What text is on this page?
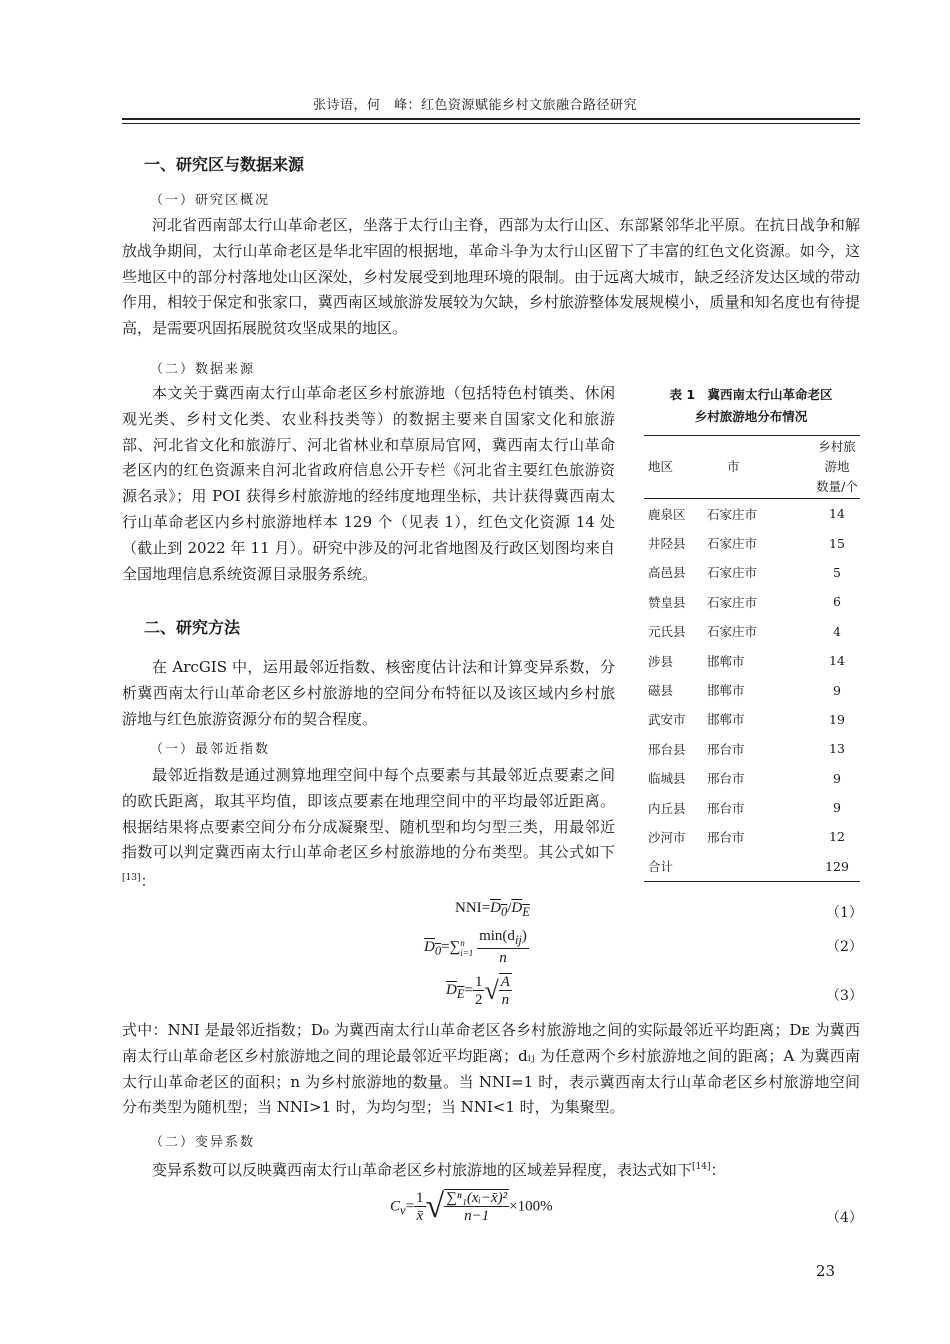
张诗语，何　峰：红色资源赋能乡村文旅融合路径研究
一、研究区与数据来源
（一）研究区概况
河北省西南部太行山革命老区，坐落于太行山主脊，西部为太行山区、东部紧邻华北平原。在抗日战争和解放战争期间，太行山革命老区是华北牢固的根据地，革命斗争为太行山区留下了丰富的红色文化资源。如今，这些地区中的部分村落地处山区深处，乡村发展受到地理环境的限制。由于远离大城市，缺乏经济发达区域的带动作用，相较于保定和张家口，冀西南区域旅游发展较为欠缺，乡村旅游整体发展规模小，质量和知名度也有待提高，是需要巩固拓展脱贫攻坚成果的地区。
（二）数据来源
本文关于冀西南太行山革命老区乡村旅游地（包括特色村镇类、休闲观光类、乡村文化类、农业科技类等）的数据主要来自国家文化和旅游部、河北省文化和旅游厅、河北省林业和草原局官网，冀西南太行山革命老区内的红色资源来自河北省政府信息公开专栏《河北省主要红色旅游资源名录》；用 POI 获得乡村旅游地的经纬度地理坐标，共计获得冀西南太行山革命老区内乡村旅游地样本 129 个（见表 1），红色文化资源 14 处（截止到 2022 年 11 月）。研究中涉及的河北省地图及行政区划图均来自全国地理信息系统资源目录服务系统。
表 1　冀西南太行山革命老区
乡村旅游地分布情况
地区	市	乡村旅游地
数量/个

鹿泉区	石家庄市	14
井陉县	石家庄市	15
高邑县	石家庄市	5
赞皇县	石家庄市	6
元氏县	石家庄市	4
涉县	邯郸市	14
磁县	邯郸市	9
武安市	邯郸市	19
邢台县	邢台市	13
临城县	邢台市	9
内丘县	邢台市	9
沙河市	邢台市	12
合计		129
二、研究方法
在 ArcGIS 中，运用最邻近指数、核密度估计法和计算变异系数，分析冀西南太行山革命老区乡村旅游地的空间分布特征以及该区域内乡村旅游地与红色旅游资源分布的契合程度。
（一）最邻近指数
最邻近指数是通过测算地理空间中每个点要素与其最邻近点要素之间的欧氏距离，取其平均值，即该点要素在地理空间中的平均最邻近距离。根据结果将点要素空间分布分成凝聚型、随机型和均匀型三类，用最邻近指数可以判定冀西南太行山革命老区乡村旅游地的分布类型。其公式如下[13]：
$NNI=D_0/D_E$	（1）
$D_0=\sum$ n
i=1
$\frac{\min(d_{ij})}{n}$	（2）
$D_E= \frac{1}{2}$ √ $\frac{A}{n}$	（3）
式中：NNI 是最邻近指数；D₀ 为冀西南太行山革命老区各乡村旅游地之间的实际最邻近平均距离；Dᴇ 为冀西南太行山革命老区乡村旅游地之间的理论最邻近平均距离；dᵢⱼ 为任意两个乡村旅游地之间的距离；A 为冀西南太行山革命老区的面积；n 为乡村旅游地的数量。当 NNI=1 时，表示冀西南太行山革命老区乡村旅游地空间分布类型为随机型；当 NNI>1 时，为均匀型；当 NNI<1 时，为集聚型。
（二）变异系数
变异系数可以反映冀西南太行山革命老区乡村旅游地的区域差异程度，表达式如下[14]：
$C_v= \frac{1}{x̄}$ √ $\frac{\text{∑ⁿ₁(xᵢ−x̄)²}}{n-1} \times 100\%$
（4）
23
